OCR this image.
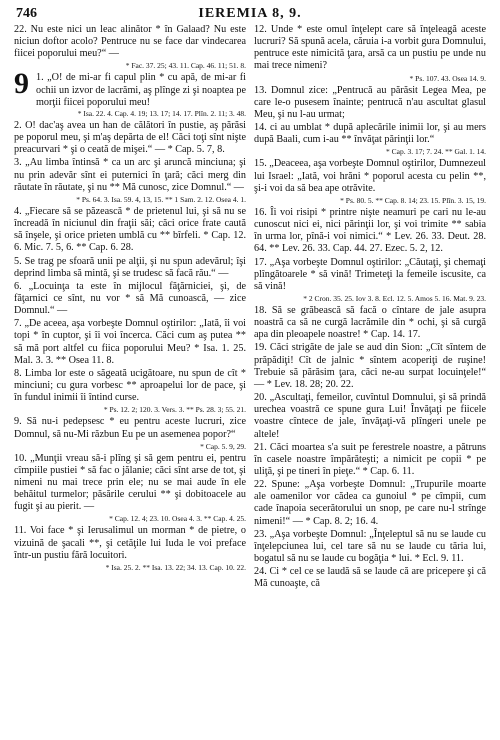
746	IEREMIA 8, 9.

22. Nu este nici un leac alinător * în Galaad? Nu este niciun doftor acolo? Pentruce nu se face dar vindecarea fiicei poporului meu?“ —

* Fac. 37. 25; 43. 11. Cap. 46. 11; 51. 8.

9 1. „O! de mi-ar fi capul plin * cu apă, de mi-ar fi ochii un izvor de lacrămi, aş plînge zi şi noaptea pe morţii fiicei poporului meu!

* Isa. 22. 4. Cap. 4. 19; 13. 17; 14. 17. Plîn. 2. 11; 3. 48.

2. O! dac'aş avea un han de călători în pustie, aş părăsi pe poporul meu, şi m'aş depărta de el! Căci toţi sînt nişte preacurvari * şi o ceată de mişei.“ — * Cap. 5. 7, 8.

3. „Au limba întinsă * ca un arc şi aruncă minciuna; şi nu prin adevăr sînt ei puternici în ţară; căci merg din răutate în răutate, şi nu ** Mă cunosc, zice Domnul.“ —

* Ps. 64. 3. Isa. 59. 4, 13, 15. ** 1 Sam. 2. 12. Osea 4. 1.

4. „Fiecare să se păzească * de prietenul lui, şi să nu se încreadă în niciunul din fraţii săi; căci orice frate caută să înşele, şi orice prieten umblă cu ** bîrfeli. * Cap. 12. 6. Mic. 7. 5, 6. ** Cap. 6. 28.

5. Se trag pe sfoară unii pe alţii, şi nu spun adevărul; îşi deprind limba să mintă, şi se trudesc să facă rău.“ —

6. „Locuinţa ta este în mijlocul făţărniciei, şi, de făţarnici ce sînt, nu vor * să Mă cunoască, — zice Domnul.“ —

7. „De aceea, aşa vorbeşte Domnul oştirilor: „Iată, îi voi topi * în cuptor, şi îi voi încerca. Căci cum aş putea ** să mă port altfel cu fiica poporului Meu? * Isa. 1. 25. Mal. 3. 3. ** Osea 11. 8.

8. Limba lor este o săgeată ucigătoare, nu spun de cît * minciuni; cu gura vorbesc ** aproapelui lor de pace, şi în fundul inimii îi întind curse.

* Ps. 12. 2; 120. 3. Vers. 3. ** Ps. 28. 3; 55. 21.

9. Să nu-i pedepsesc * eu pentru aceste lucruri, zice Domnul, să nu-Mi răzbun Eu pe un asemenea popor?“

* Cap. 5. 9, 29.

10. „Munţii vreau să-i plîng şi să gem pentru ei, pentru cîmpiile pustiei * să fac o jălanie; căci sînt arse de tot, şi nimeni nu mai trece prin ele; nu se mai aude în ele behăitul turmelor; păsările cerului ** şi dobitoacele au fugit şi au pierit. —

* Cap. 12. 4; 23. 10. Osea 4. 3. ** Cap. 4. 25.

11. Voi face * şi Ierusalimul un morman * de pietre, o vizuină de şacali **, şi cetăţile lui Iuda le voi preface într-un pustiu fără locuitori.

* Isa. 25. 2. ** Isa. 13. 22; 34. 13. Cap. 10. 22.

12. Unde * este omul înţelept care să înţeleagă aceste lucruri? Să spună acela, căruia i-a vorbit gura Domnului, pentruce este nimicită ţara, arsă ca un pustiu pe unde nu mai trece nimeni?

* Ps. 107. 43. Osea 14. 9.

13. Domnul zice: „Pentrucă au părăsit Legea Mea, pe care le-o pusesem înainte; pentrucă n'au ascultat glasul Meu, şi nu l-au urmat;

14. ci au umblat * după aplecările inimii lor, şi au mers după Baali, cum i-au ** învăţat părinţii lor.“

* Cap. 3. 17; 7. 24. ** Gal. 1. 14.

15. „Deaceea, aşa vorbeşte Domnul oştirilor, Dumnezeul lui Israel: „Iată, voi hrăni * poporul acesta cu pelin **, şi-i voi da să bea ape otrăvite.

* Ps. 80. 5. ** Cap. 8. 14; 23. 15. Plîn. 3. 15, 19.

16. Îi voi risipi * printre nişte neamuri pe cari nu le-au cunoscut nici ei, nici părinţii lor, şi voi trimite ** sabia în urma lor, pînă-i voi nimici.“ * Lev. 26. 33. Deut. 28. 64. ** Lev. 26. 33. Cap. 44. 27. Ezec. 5. 2, 12.

17. „Aşa vorbeşte Domnul oştirilor: „Căutaţi, şi chemaţi plîngătoarele * să vină! Trimeteţi la femeile iscusite, ca să vină!

* 2 Cron. 35. 25. Iov 3. 8. Ecl. 12. 5. Amos 5. 16. Mat. 9. 23.

18. Să se grăbească să facă o cîntare de jale asupra noastră ca să ne curgă lacrămile din * ochi, şi să curgă apa din pleoapele noastre! * Cap. 14. 17.

19. Căci strigăte de jale se aud din Sion: „Cît sîntem de prăpădiţi! Cît de jalnic * sîntem acoperiţi de ruşine! Trebuie să părăsim ţara, căci ne-au surpat locuinţele!“ — * Lev. 18. 28; 20. 22.

20. „Ascultaţi, femeilor, cuvîntul Domnului, şi să prindă urechea voastră ce spune gura Lui! Învăţaţi pe fiicele voastre cîntece de jale, învăţaţi-vă plîngeri unele pe altele!

21. Căci moartea s'a suit pe ferestrele noastre, a pătruns în casele noastre împărăteşti; a nimicit pe copii * pe uliţă, şi pe tineri în pieţe.“ * Cap. 6. 11.

22. Spune: „Aşa vorbeşte Domnul: „Trupurile moarte ale oamenilor vor cădea ca gunoiul * pe cîmpii, cum cade înapoia secerătorului un snop, pe care nu-l strînge nimeni!“ — * Cap. 8. 2; 16. 4.

23. „Aşa vorbeşte Domnul: „Înţeleptul să nu se laude cu înţelepciunea lui, cel tare să nu se laude cu tăria lui, bogatul să nu se laude cu bogăţia * lui. * Ecl. 9. 11.

24. Ci * cel ce se laudă să se laude că are pricepere şi că Mă cunoaşte, că
